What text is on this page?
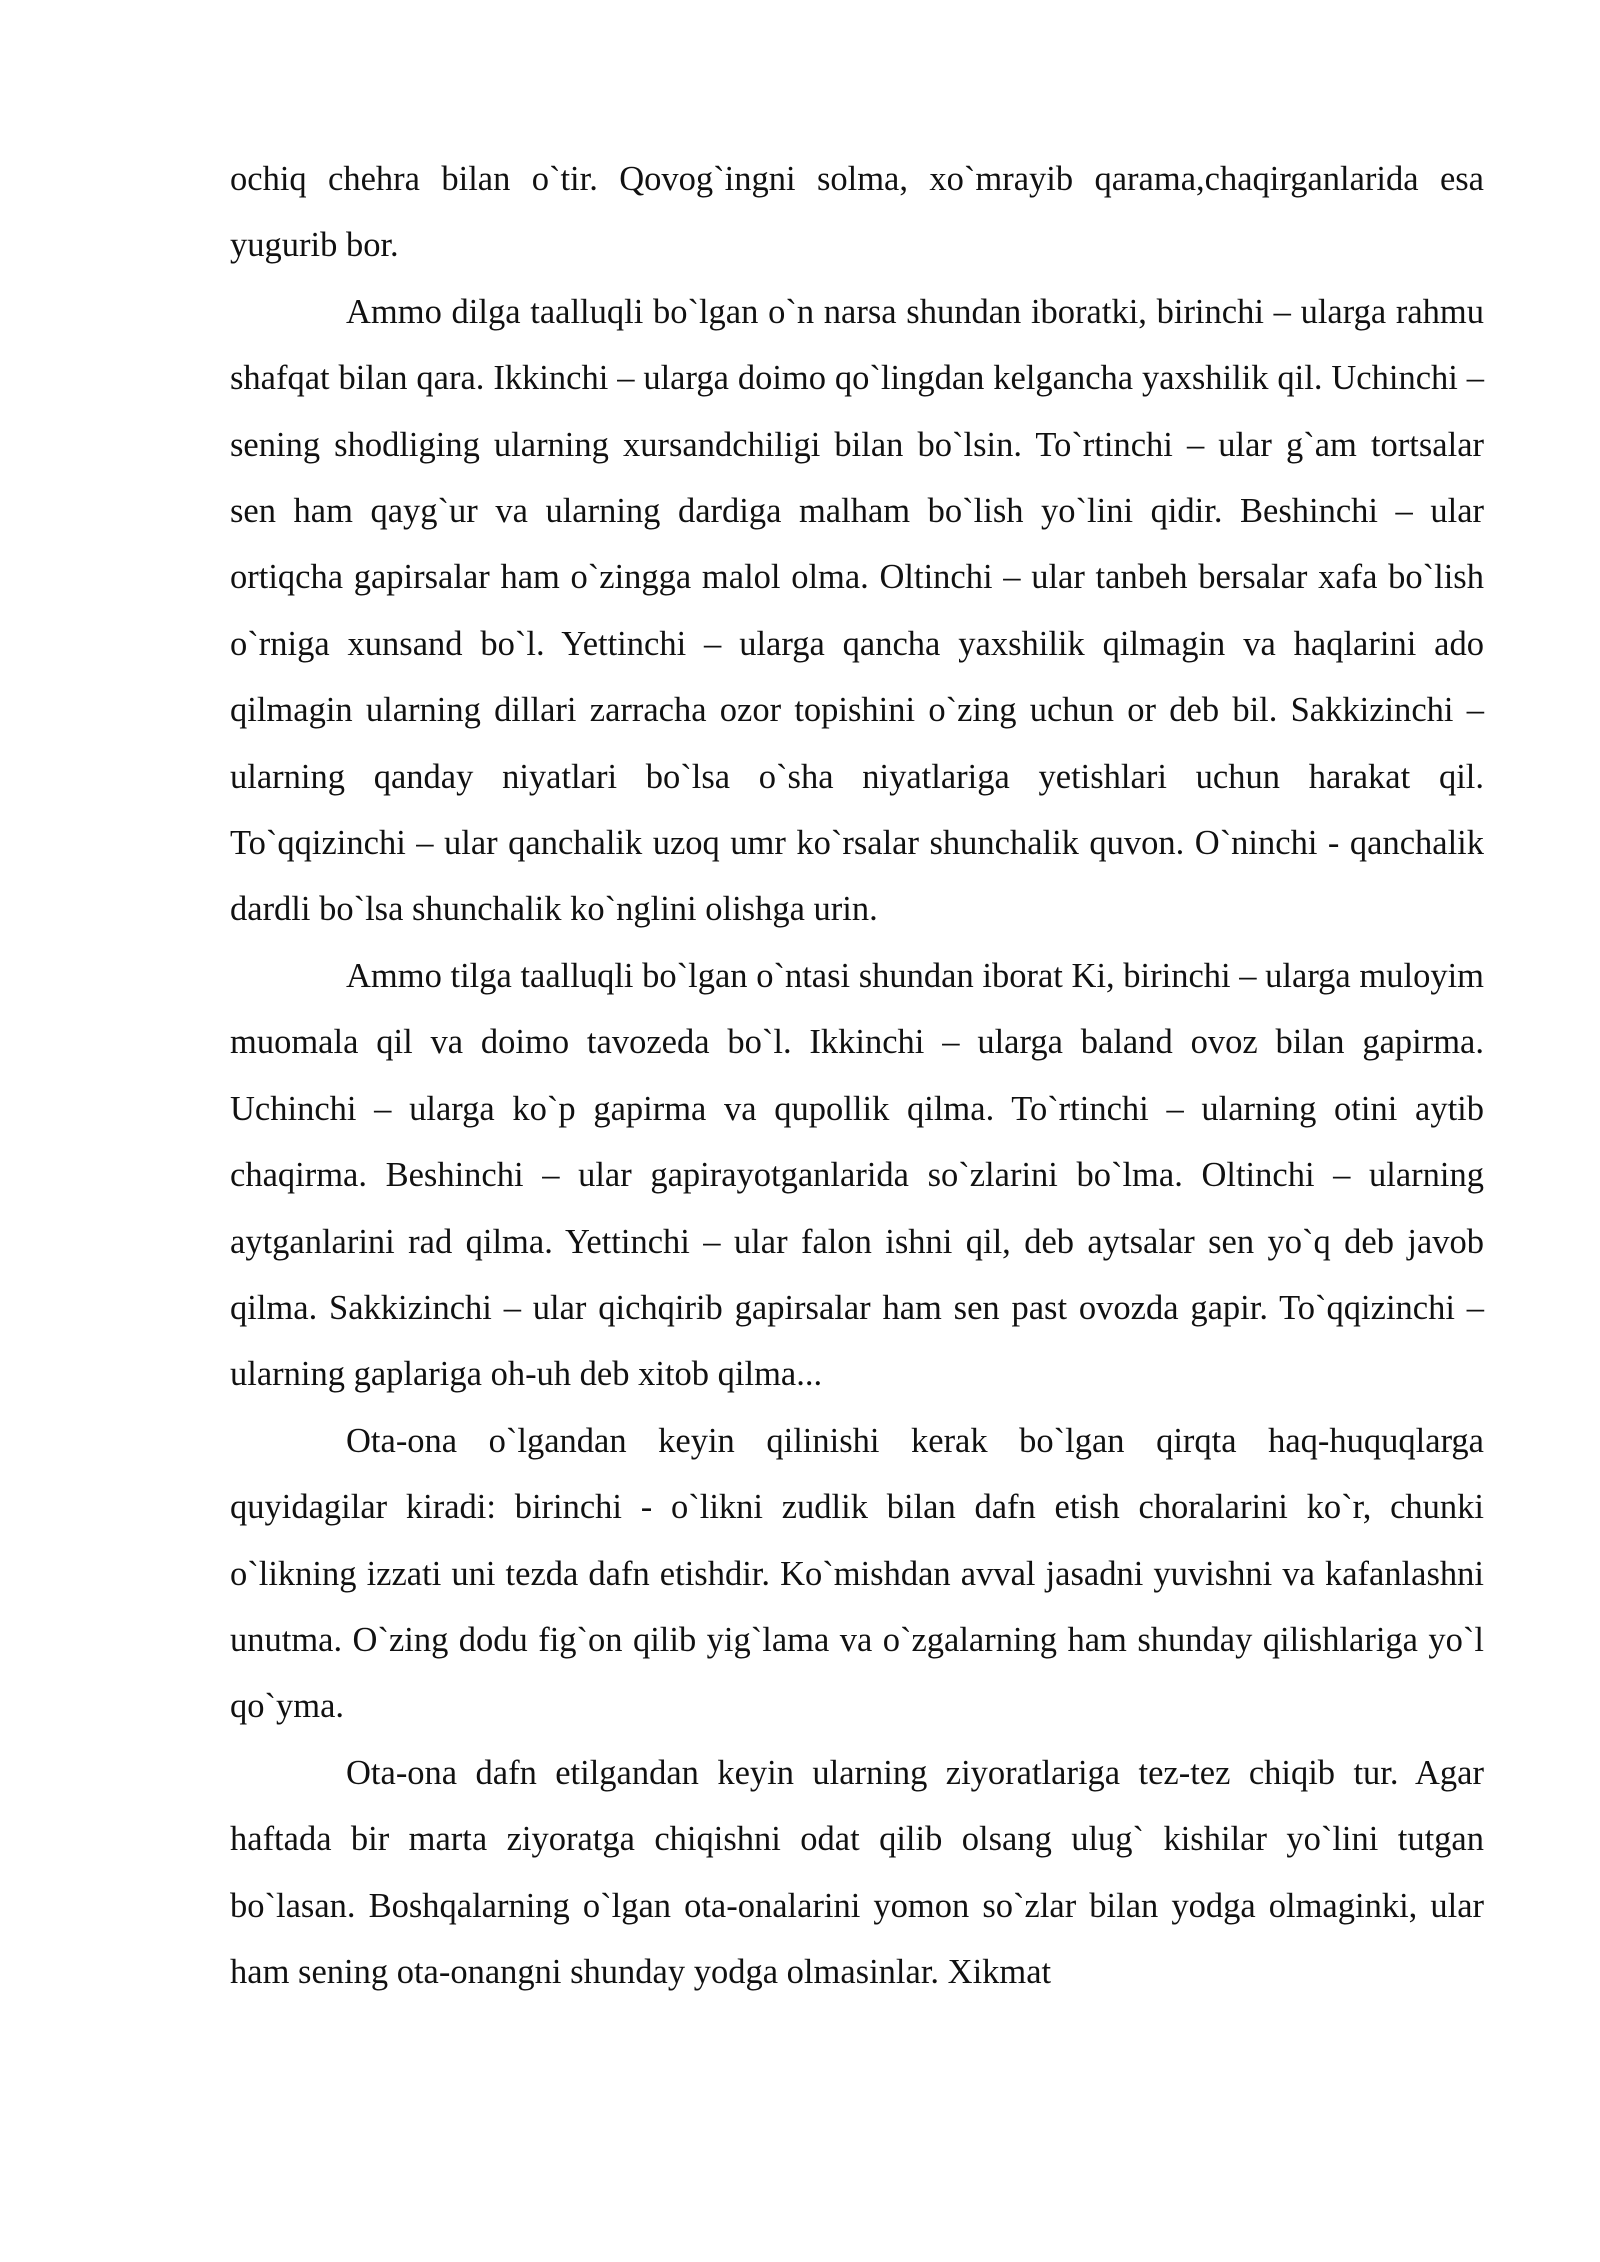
ochiq chehra bilan o`tir. Qovog`ingni solma, xo`mrayib qarama,chaqirganlarida esa yugurib bor.

Ammo dilga taalluqli bo`lgan o`n narsa shundan iboratki, birinchi – ularga rahmu shafqat bilan qara. Ikkinchi – ularga doimo qo`lingdan kelgancha yaxshilik qil. Uchinchi – sening shodliging ularning xursandchiligi bilan bo`lsin. To`rtinchi – ular g`am tortsalar sen ham qayg`ur va ularning dardiga malham bo`lish yo`lini qidir. Beshinchi – ular ortiqcha gapirsalar ham o`zingga malol olma. Oltinchi – ular tanbeh bersalar xafa bo`lish o`rniga xunsand bo`l. Yettinchi – ularga qancha yaxshilik qilmagin va haqlarini ado qilmagin ularning dillari zarracha ozor topishini o`zing uchun or deb bil. Sakkizinchi – ularning qanday niyatlari bo`lsa o`sha niyatlariga yetishlari uchun harakat qil. To`qqizinchi – ular qanchalik uzoq umr ko`rsalar shunchalik quvon. O`ninchi - qanchalik dardli bo`lsa shunchalik ko`nglini olishga urin.

Ammo tilga taalluqli bo`lgan o`ntasi shundan iborat Ki, birinchi – ularga muloyim muomala qil va doimo tavozeda bo`l. Ikkinchi – ularga baland ovoz bilan gapirma. Uchinchi – ularga ko`p gapirma va qupollik qilma. To`rtinchi – ularning otini aytib chaqirma. Beshinchi – ular gapirayotganlarida so`zlarini bo`lma. Oltinchi – ularning aytganlarini rad qilma. Yettinchi – ular falon ishni qil, deb aytsalar sen yo`q deb javob qilma. Sakkizinchi – ular qichqirib gapirsalar ham sen past ovozda gapir. To`qqizinchi – ularning gaplariga oh-uh deb xitob qilma...

Ota-ona o`lgandan keyin qilinishi kerak bo`lgan qirqta haq-huquqlarga quyidagilar kiradi: birinchi - o`likni zudlik bilan dafn etish choralarini ko`r, chunki o`likning izzati uni tezda dafn etishdir. Ko`mishdan avval jasadni yuvishni va kafanlashni unutma. O`zing dodu fig`on qilib yig`lama va o`zgalarning ham shunday qilishlariga yo`l qo`yma.

Ota-ona dafn etilgandan keyin ularning ziyoratlariga tez-tez chiqib tur. Agar haftada bir marta ziyoratga chiqishni odat qilib olsang ulug` kishilar yo`lini tutgan bo`lasan. Boshqalarning o`lgan ota-onalarini yomon so`zlar bilan yodga olmaginki, ular ham sening ota-onangni shunday yodga olmasinlar. Xikmat
